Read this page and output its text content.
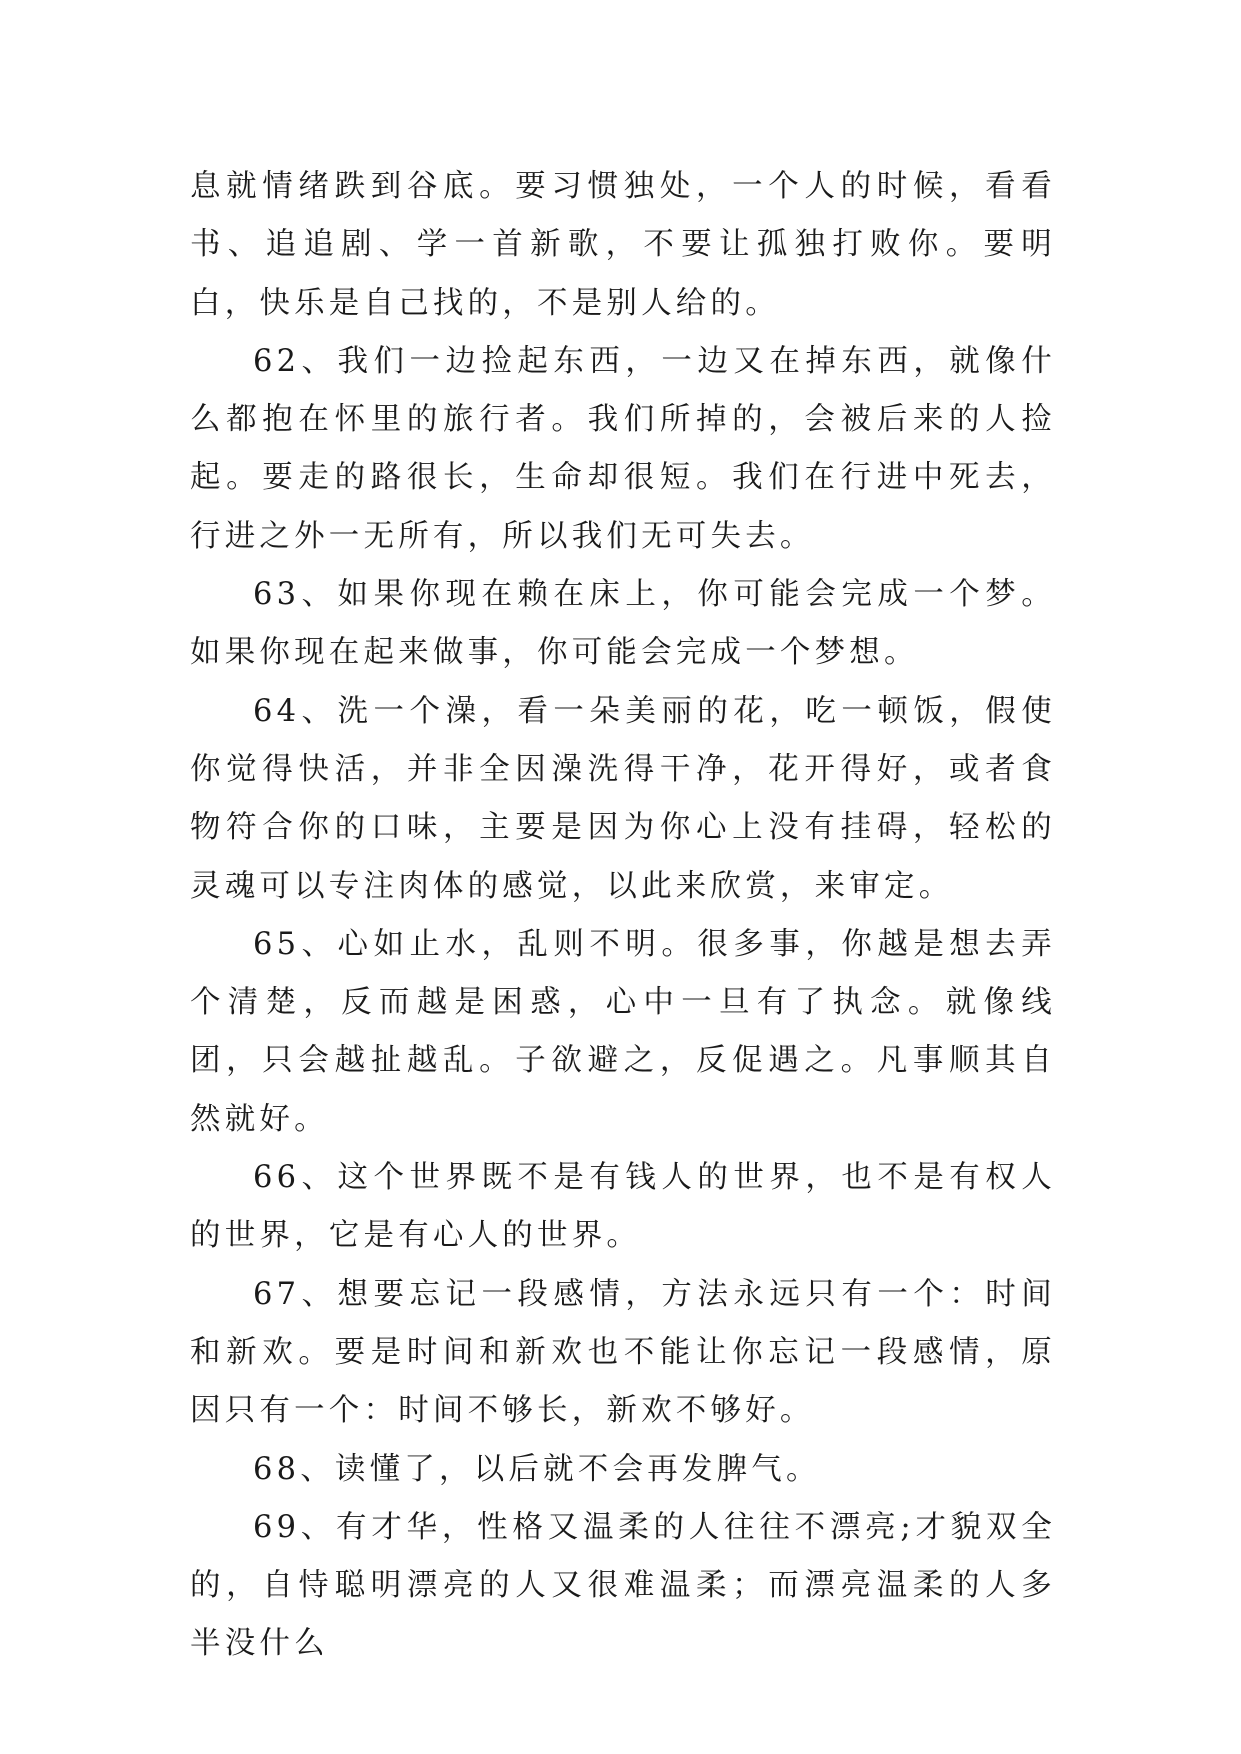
息就情绪跌到谷底。要习惯独处，一个人的时候，看看书、追追剧、学一首新歌，不要让孤独打败你。要明白，快乐是自己找的，不是别人给的。

62、我们一边捡起东西，一边又在掉东西，就像什么都抱在怀里的旅行者。我们所掉的，会被后来的人捡起。要走的路很长，生命却很短。我们在行进中死去，行进之外一无所有，所以我们无可失去。

63、如果你现在赖在床上，你可能会完成一个梦。如果你现在起来做事，你可能会完成一个梦想。

64、洗一个澡，看一朵美丽的花，吃一顿饭，假使你觉得快活，并非全因澡洗得干净，花开得好，或者食物符合你的口味，主要是因为你心上没有挂碍，轻松的灵魂可以专注肉体的感觉，以此来欣赏，来审定。

65、心如止水，乱则不明。很多事，你越是想去弄个清楚，反而越是困惑，心中一旦有了执念。就像线团，只会越扯越乱。子欲避之，反促遇之。凡事顺其自然就好。

66、这个世界既不是有钱人的世界，也不是有权人的世界，它是有心人的世界。

67、想要忘记一段感情，方法永远只有一个：时间和新欢。要是时间和新欢也不能让你忘记一段感情，原因只有一个：时间不够长，新欢不够好。

68、读懂了，以后就不会再发脾气。

69、有才华，性格又温柔的人往往不漂亮;才貌双全的，自恃聪明漂亮的人又很难温柔；而漂亮温柔的人多半没什么
